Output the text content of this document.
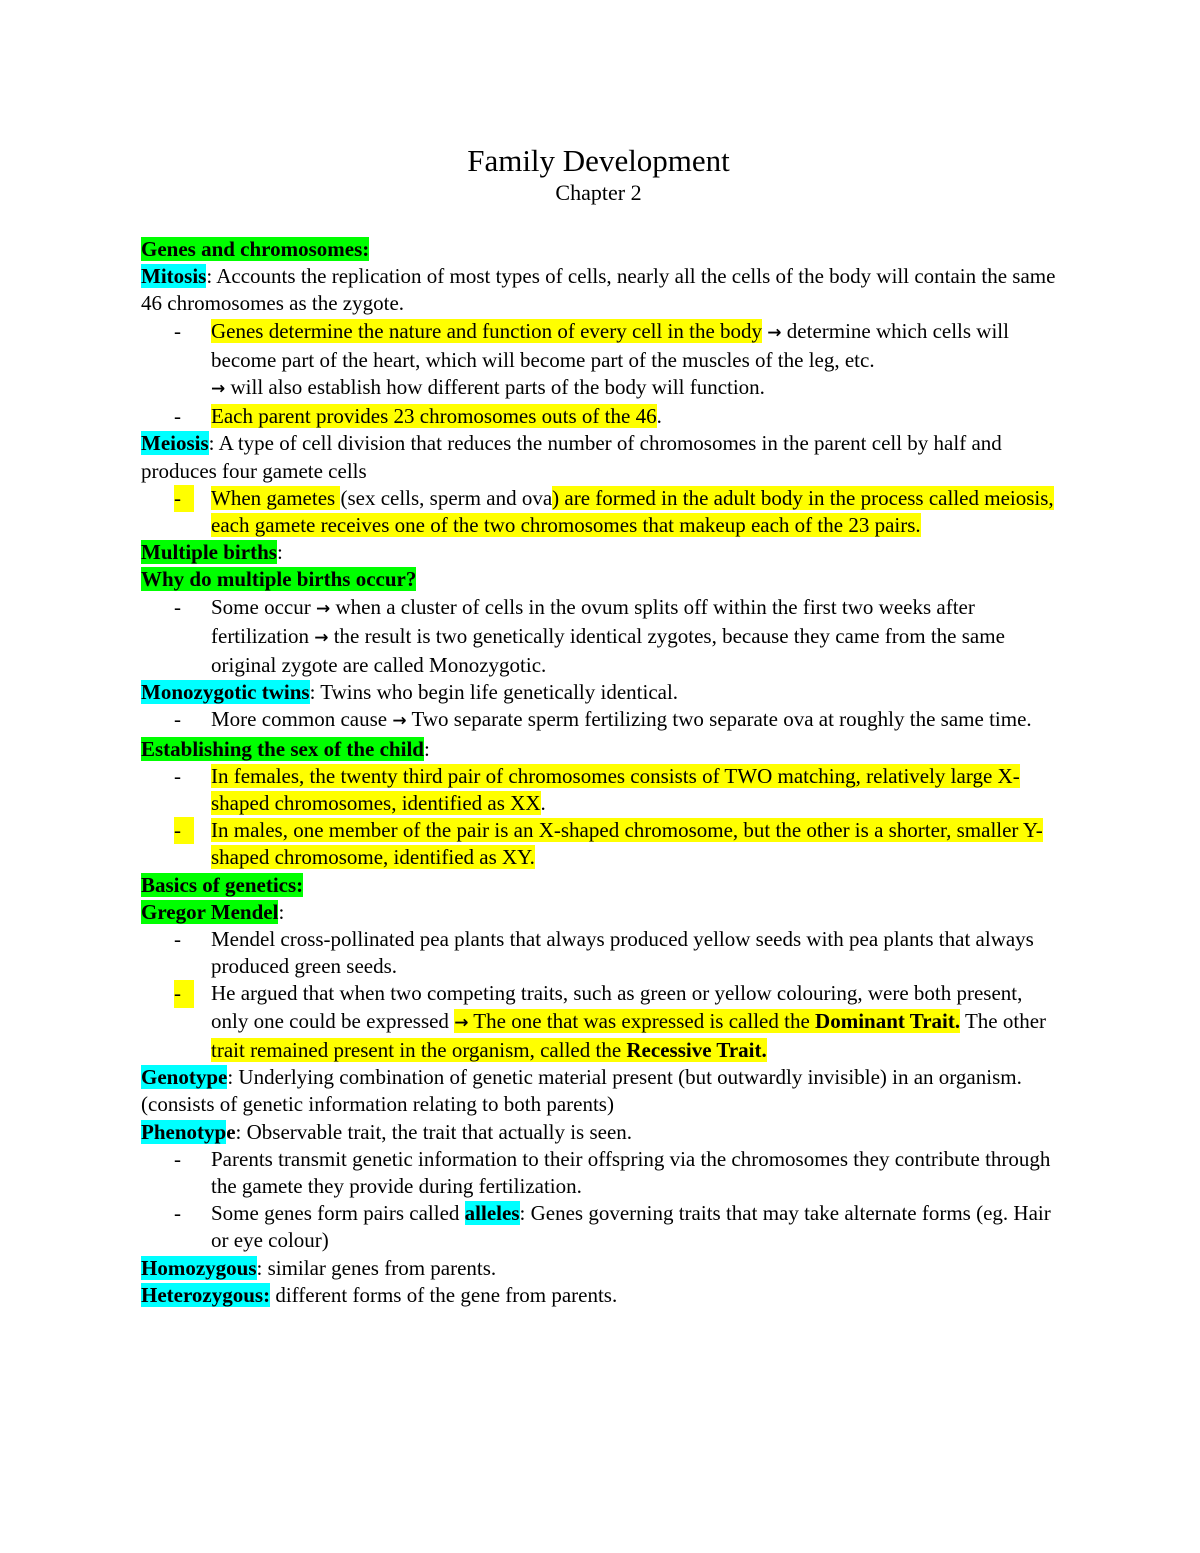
Family Development

Chapter 2

Genes and chromosomes:

Mitosis: Accounts the replication of most types of cells, nearly all the cells of the body will contain the same 46 chromosomes as the zygote.

-	Genes determine the nature and function of every cell in the body → determine which cells will become part of the heart, which will become part of the muscles of the leg, etc.
→ will also establish how different parts of the body will function.

-	Each parent provides 23 chromosomes outs of the 46.

Meiosis: A type of cell division that reduces the number of chromosomes in the parent cell by half and produces four gamete cells

-	When gametes (sex cells, sperm and ova) are formed in the adult body in the process called meiosis, each gamete receives one of the two chromosomes that makeup each of the 23 pairs.

Multiple births:

Why do multiple births occur?

-	Some occur → when a cluster of cells in the ovum splits off within the first two weeks after fertilization → the result is two genetically identical zygotes, because they came from the same original zygote are called Monozygotic.

Monozygotic twins: Twins who begin life genetically identical.

-	More common cause → Two separate sperm fertilizing two separate ova at roughly the same time.

Establishing the sex of the child:

-	In females, the twenty third pair of chromosomes consists of TWO matching, relatively large X-shaped chromosomes, identified as XX.

-	In males, one member of the pair is an X-shaped chromosome, but the other is a shorter, smaller Y-shaped chromosome, identified as XY.

Basics of genetics:

Gregor Mendel:

-	Mendel cross-pollinated pea plants that always produced yellow seeds with pea plants that always produced green seeds.

-	He argued that when two competing traits, such as green or yellow colouring, were both present, only one could be expressed → The one that was expressed is called the Dominant Trait. The other trait remained present in the organism, called the Recessive Trait.

Genotype: Underlying combination of genetic material present (but outwardly invisible) in an organism. (consists of genetic information relating to both parents)

Phenotype: Observable trait, the trait that actually is seen.

-	Parents transmit genetic information to their offspring via the chromosomes they contribute through the gamete they provide during fertilization.

-	Some genes form pairs called alleles: Genes governing traits that may take alternate forms (eg. Hair or eye colour)

Homozygous: similar genes from parents.

Heterozygous: different forms of the gene from parents.
